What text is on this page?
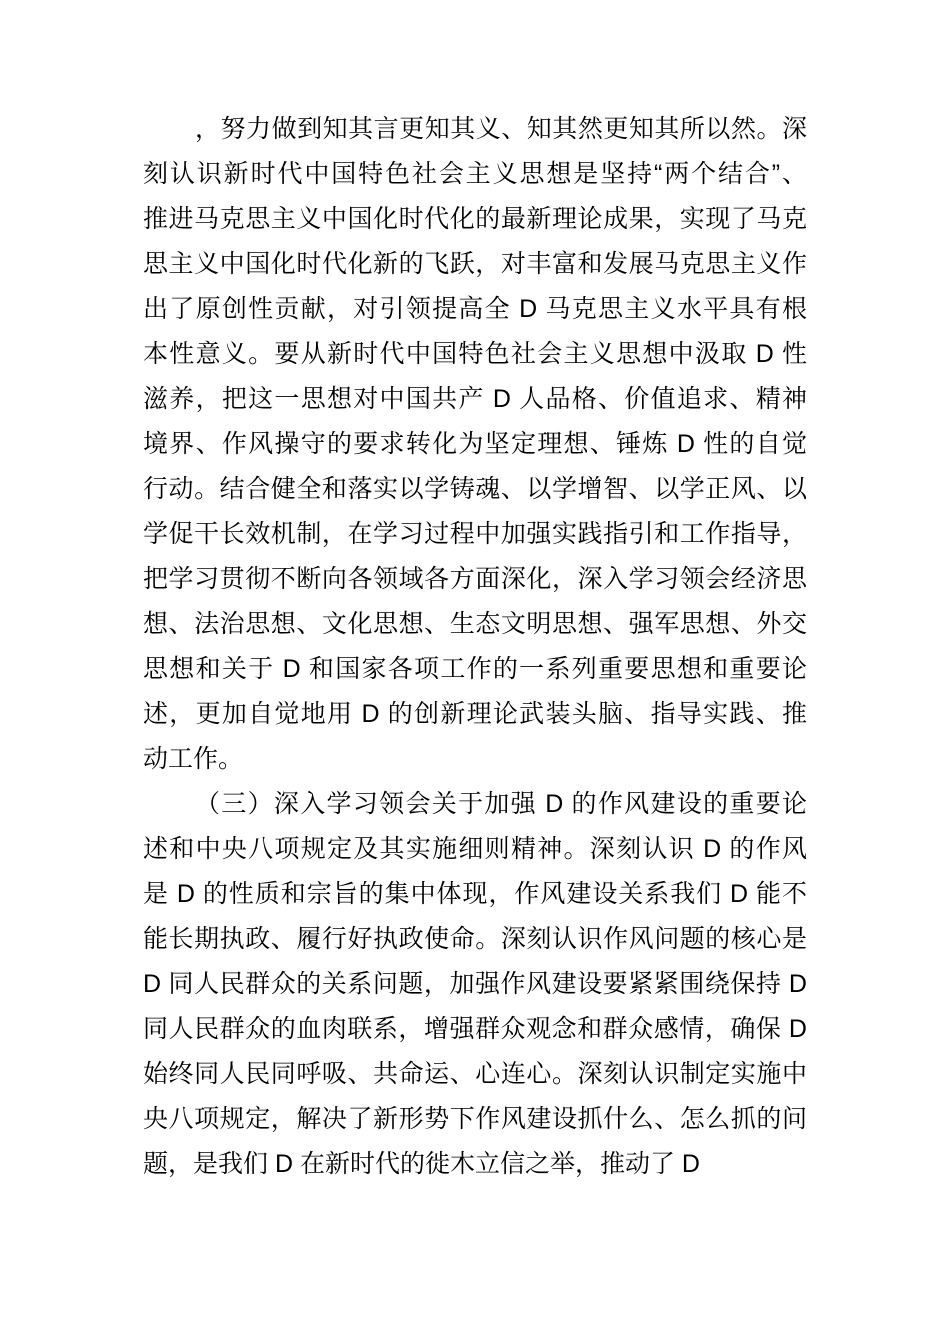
，努力做到知其言更知其义、知其然更知其所以然。深
刻认识新时代中国特色社会主义思想是坚持“两个结合”、
推进马克思主义中国化时代化的最新理论成果，实现了马克
思主义中国化时代化新的飞跃，对丰富和发展马克思主义作
出了原创性贡献，对引领提高全 D 马克思主义水平具有根
本性意义。要从新时代中国特色社会主义思想中汲取 D 性
滋养，把这一思想对中国共产 D 人品格、价值追求、精神
境界、作风操守的要求转化为坚定理想、锤炼 D 性的自觉
行动。结合健全和落实以学铸魂、以学增智、以学正风、以
学促干长效机制，在学习过程中加强实践指引和工作指导，
把学习贯彻不断向各领域各方面深化，深入学习领会经济思
想、法治思想、文化思想、生态文明思想、强军思想、外交
思想和关于 D 和国家各项工作的一系列重要思想和重要论
述，更加自觉地用 D 的创新理论武装头脑、指导实践、推
动工作。
（三）深入学习领会关于加强 D 的作风建设的重要论
述和中央八项规定及其实施细则精神。深刻认识 D 的作风
是 D 的性质和宗旨的集中体现，作风建设关系我们 D 能不
能长期执政、履行好执政使命。深刻认识作风问题的核心是
D 同人民群众的关系问题，加强作风建设要紧紧围绕保持 D
同人民群众的血肉联系，增强群众观念和群众感情，确保 D
始终同人民同呼吸、共命运、心连心。深刻认识制定实施中
央八项规定，解决了新形势下作风建设抓什么、怎么抓的问
题，是我们 D 在新时代的徙木立信之举，推动了 D
